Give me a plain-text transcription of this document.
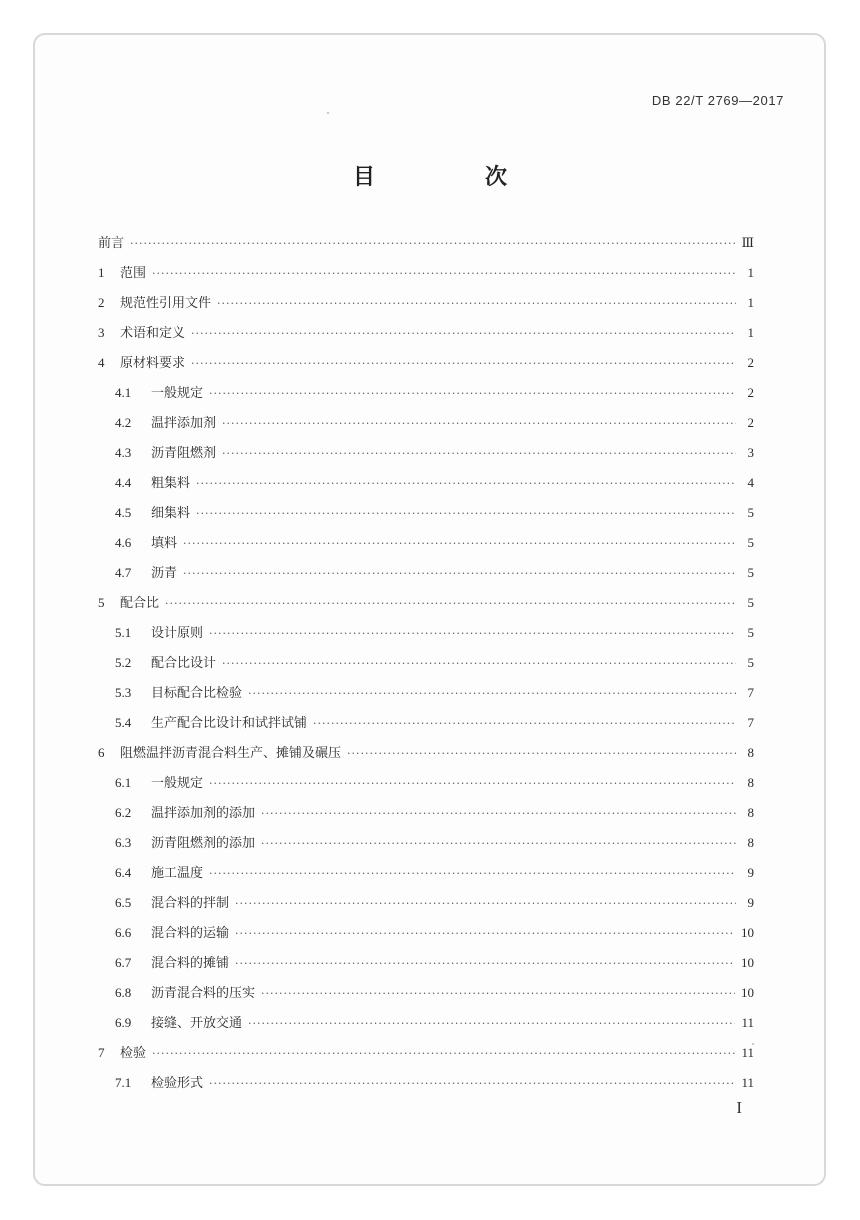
DB 22/T 2769—2017
目　次
前言 ·····	Ⅲ
1	范围 ·····	1
2	规范性引用文件 ·····	1
3	术语和定义 ·····	1
4	原材料要求 ·····	2
4.1	一般规定 ·····	2
4.2	温拌添加剂 ·····	2
4.3	沥青阻燃剂 ·····	3
4.4	粗集料 ·····	4
4.5	细集料 ·····	5
4.6	填料 ·····	5
4.7	沥青 ·····	5
5	配合比 ·····	5
5.1	设计原则 ·····	5
5.2	配合比设计 ·····	5
5.3	目标配合比检验 ·····	7
5.4	生产配合比设计和试拌试铺 ·····	7
6	阻燃温拌沥青混合料生产、摊铺及碾压 ·····	8
6.1	一般规定 ·····	8
6.2	温拌添加剂的添加 ·····	8
6.3	沥青阻燃剂的添加 ·····	8
6.4	施工温度 ·····	9
6.5	混合料的拌制 ·····	9
6.6	混合料的运输 ·····	10
6.7	混合料的摊铺 ·····	10
6.8	沥青混合料的压实 ·····	10
6.9	接缝、开放交通 ·····	11
7	检验 ·····	11
7.1	检验形式 ·····	11
I
